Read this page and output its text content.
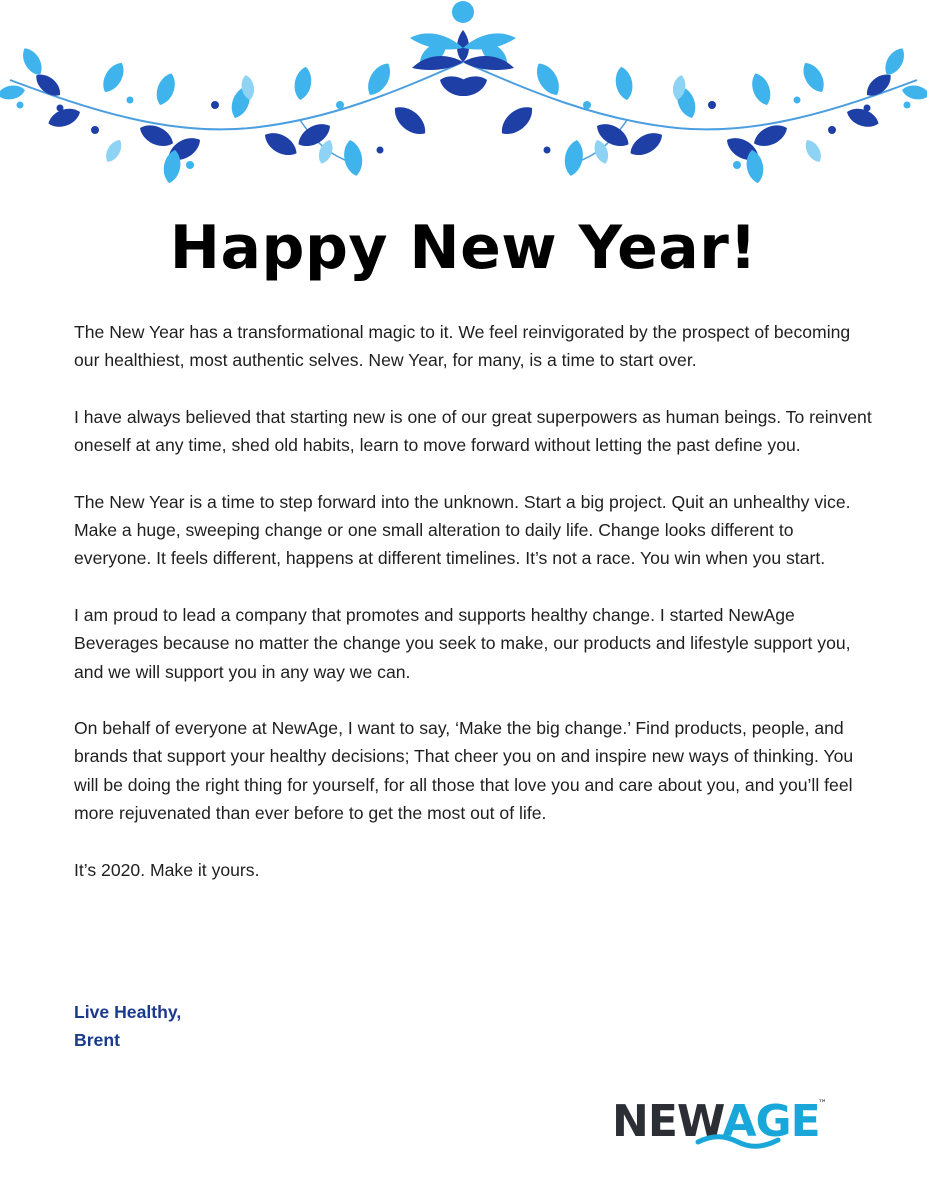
Happy New Year!

The New Year has a transformational magic to it. We feel reinvigorated by the prospect of becoming our healthiest, most authentic selves. New Year, for many, is a time to start over.

I have always believed that starting new is one of our great superpowers as human beings. To reinvent oneself at any time, shed old habits, learn to move forward without letting the past define you.

The New Year is a time to step forward into the unknown. Start a big project. Quit an unhealthy vice. Make a huge, sweeping change or one small alteration to daily life. Change looks different to everyone. It feels different, happens at different timelines. It’s not a race. You win when you start.

I am proud to lead a company that promotes and supports healthy change. I started NewAge Beverages because no matter the change you seek to make, our products and lifestyle support you, and we will support you in any way we can.

On behalf of everyone at NewAge, I want to say, ‘Make the big change.’ Find products, people, and brands that support your healthy decisions; That cheer you on and inspire new ways of thinking. You will be doing the right thing for yourself, for all those that love you and care about you, and you’ll feel more rejuvenated than ever before to get the most out of life.

It’s 2020. Make it yours.

Live Healthy,
Brent
NEWAGE
™
